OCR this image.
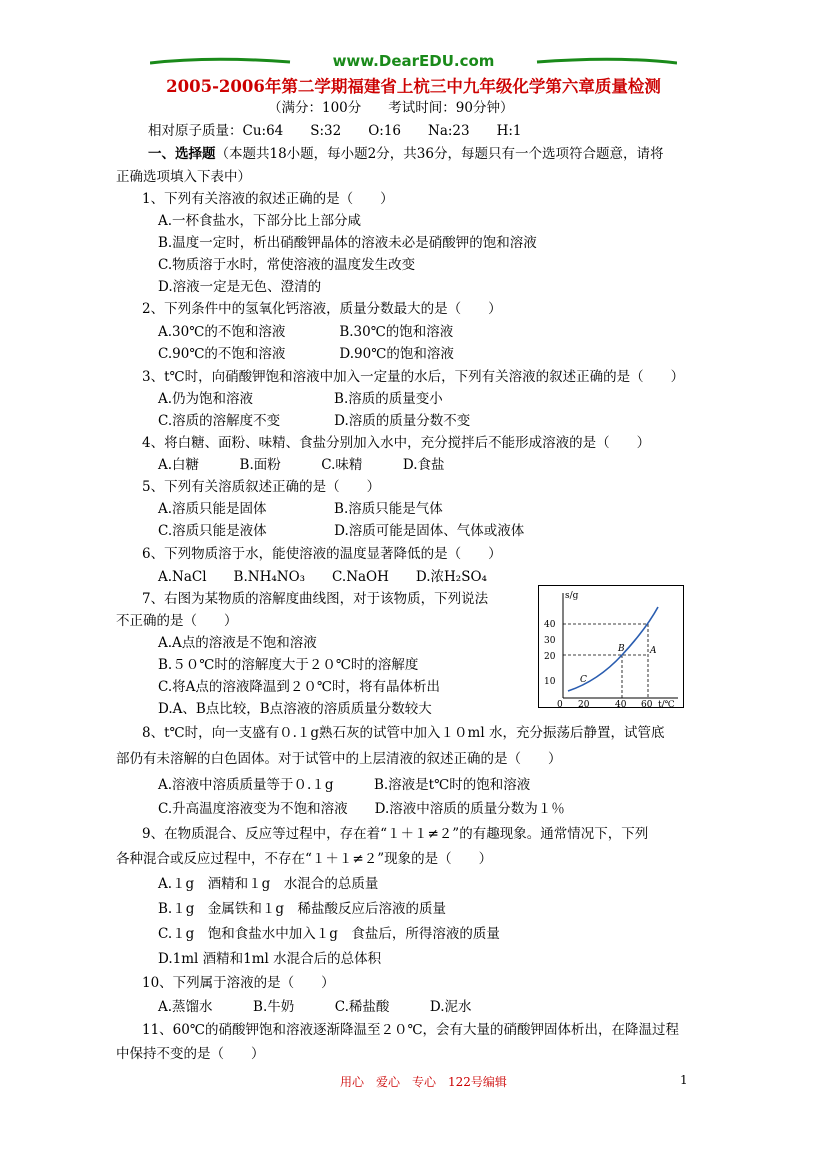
www.DearEDU.com
2005-2006年第二学期福建省上杭三中九年级化学第六章质量检测
（满分：100分　　考试时间：90分钟）
相对原子质量：Cu:64　　S:32　　O:16　　Na:23　　H:1
一、选择题（本题共18小题，每小题2分，共36分，每题只有一个选项符合题意，请将
正确选项填入下表中）
1、下列有关溶液的叙述正确的是（　　）
A.一杯食盐水，下部分比上部分咸
B.温度一定时，析出硝酸钾晶体的溶液未必是硝酸钾的饱和溶液
C.物质溶于水时，常使溶液的温度发生改变
D.溶液一定是无色、澄清的
2、下列条件中的氢氧化钙溶液，质量分数最大的是（　　）
A.30℃的不饱和溶液　　　　B.30℃的饱和溶液
C.90℃的不饱和溶液　　　　D.90℃的饱和溶液
3、t℃时，向硝酸钾饱和溶液中加入一定量的水后，下列有关溶液的叙述正确的是（　　）
A.仍为饱和溶液　　　　　　B.溶质的质量变小
C.溶质的溶解度不变　　　　D.溶质的质量分数不变
4、将白糖、面粉、味精、食盐分别加入水中，充分搅拌后不能形成溶液的是（　　）
A.白糖　　　B.面粉　　　C.味精　　　D.食盐
5、下列有关溶质叙述正确的是（　　）
A.溶质只能是固体　　　　　B.溶质只能是气体
C.溶质只能是液体　　　　　D.溶质可能是固体、气体或液体
6、下列物质溶于水，能使溶液的温度显著降低的是（　　）
A.NaCl　　B.NH₄NO₃　　C.NaOH　　D.浓H₂SO₄
7、右图为某物质的溶解度曲线图，对于该物质，下列说法
不正确的是（　　）
A.A点的溶液是不饱和溶液
B.５０℃时的溶解度大于２０℃时的溶解度
C.将A点的溶液降温到２０℃时，将有晶体析出
D.A、B点比较，B点溶液的溶质质量分数较大
s/g
40
30
20
10
0 20	40 60 t/℃
B	A
C
8、t℃时，向一支盛有０.１g熟石灰的试管中加入１０ml 水，充分振荡后静置，试管底
部仍有未溶解的白色固体。对于试管中的上层清液的叙述正确的是（　　）
A.溶液中溶质质量等于０.１g　　　B.溶液是t℃时的饱和溶液
C.升高温度溶液变为不饱和溶液　　D.溶液中溶质的质量分数为１％
9、在物质混合、反应等过程中，存在着“１＋１≠２”的有趣现象。通常情况下，下列
各种混合或反应过程中，不存在“１＋１≠２”现象的是（　　）
A.１g　酒精和１g　水混合的总质量
B.１g　金属铁和１g　稀盐酸反应后溶液的质量
C.１g　饱和食盐水中加入１g　食盐后，所得溶液的质量
D.1ml 酒精和1ml 水混合后的总体积
10、下列属于溶液的是（　　）
A.蒸馏水　　　B.牛奶　　　C.稀盐酸　　　D.泥水
11、60℃的硝酸钾饱和溶液逐渐降温至２０℃，会有大量的硝酸钾固体析出，在降温过程
中保持不变的是（　　）
用心　爱心　专心　122号编辑	1
